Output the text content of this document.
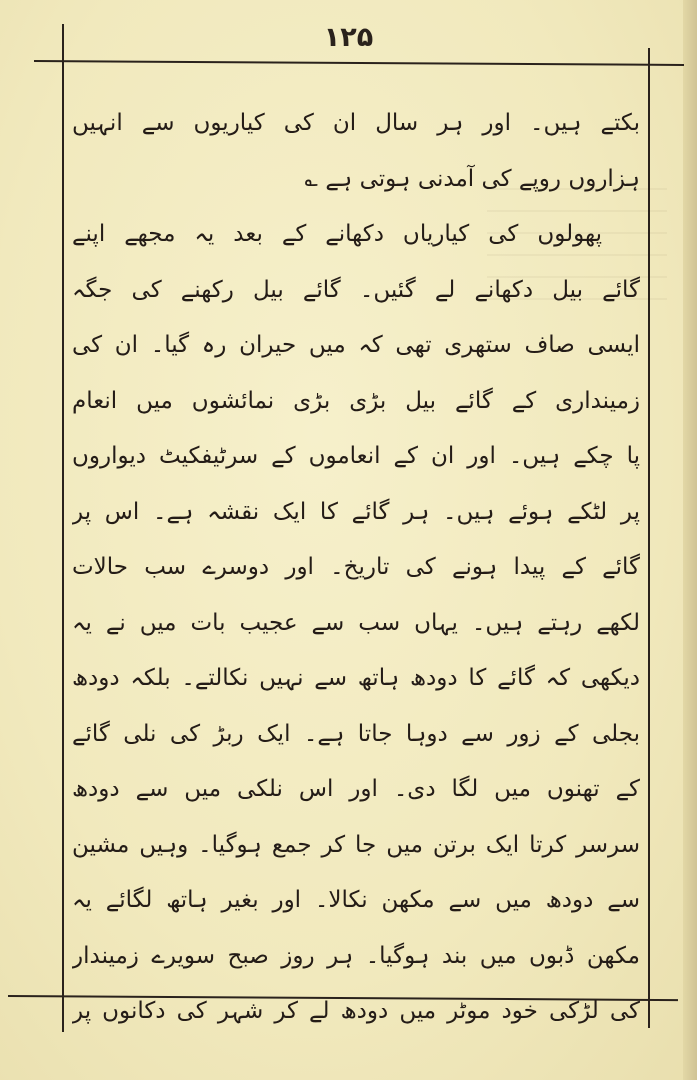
۱۲۵
بکتے ہیں۔ اور ہر سال ان کی کیاریوں سے انہیں
ہزاروں روپے کی آمدنی ہوتی ہے ؎
پھولوں کی کیاریاں دکھانے کے بعد یہ مجھے اپنے
گائے بیل دکھانے لے گئیں۔ گائے بیل رکھنے کی جگہ
ایسی صاف ستھری تھی کہ میں حیران رہ گیا۔ ان کی
زمینداری کے گائے بیل بڑی بڑی نمائشوں میں انعام
پا چکے ہیں۔ اور ان کے انعاموں کے سرٹیفکیٹ دیواروں
پر لٹکے ہوئے ہیں۔ ہر گائے کا ایک نقشہ ہے۔ اس پر
گائے کے پیدا ہونے کی تاریخ۔ اور دوسرے سب حالات
لکھے رہتے ہیں۔ یہاں سب سے عجیب بات میں نے یہ
دیکھی کہ گائے کا دودھ ہاتھ سے نہیں نکالتے۔ بلکہ دودھ
بجلی کے زور سے دوہا جاتا ہے۔ ایک ربڑ کی نلی گائے
کے تھنوں میں لگا دی۔ اور اس نلکی میں سے دودھ
سرسر کرتا ایک برتن میں جا کر جمع ہوگیا۔ وہیں مشین
سے دودھ میں سے مکھن نکالا۔ اور بغیر ہاتھ لگائے یہ
مکھن ڈبوں میں بند ہوگیا۔ ہر روز صبح سویرے زمیندار
کی لڑکی خود موٹر میں دودھ لے کر شہر کی دکانوں پر
